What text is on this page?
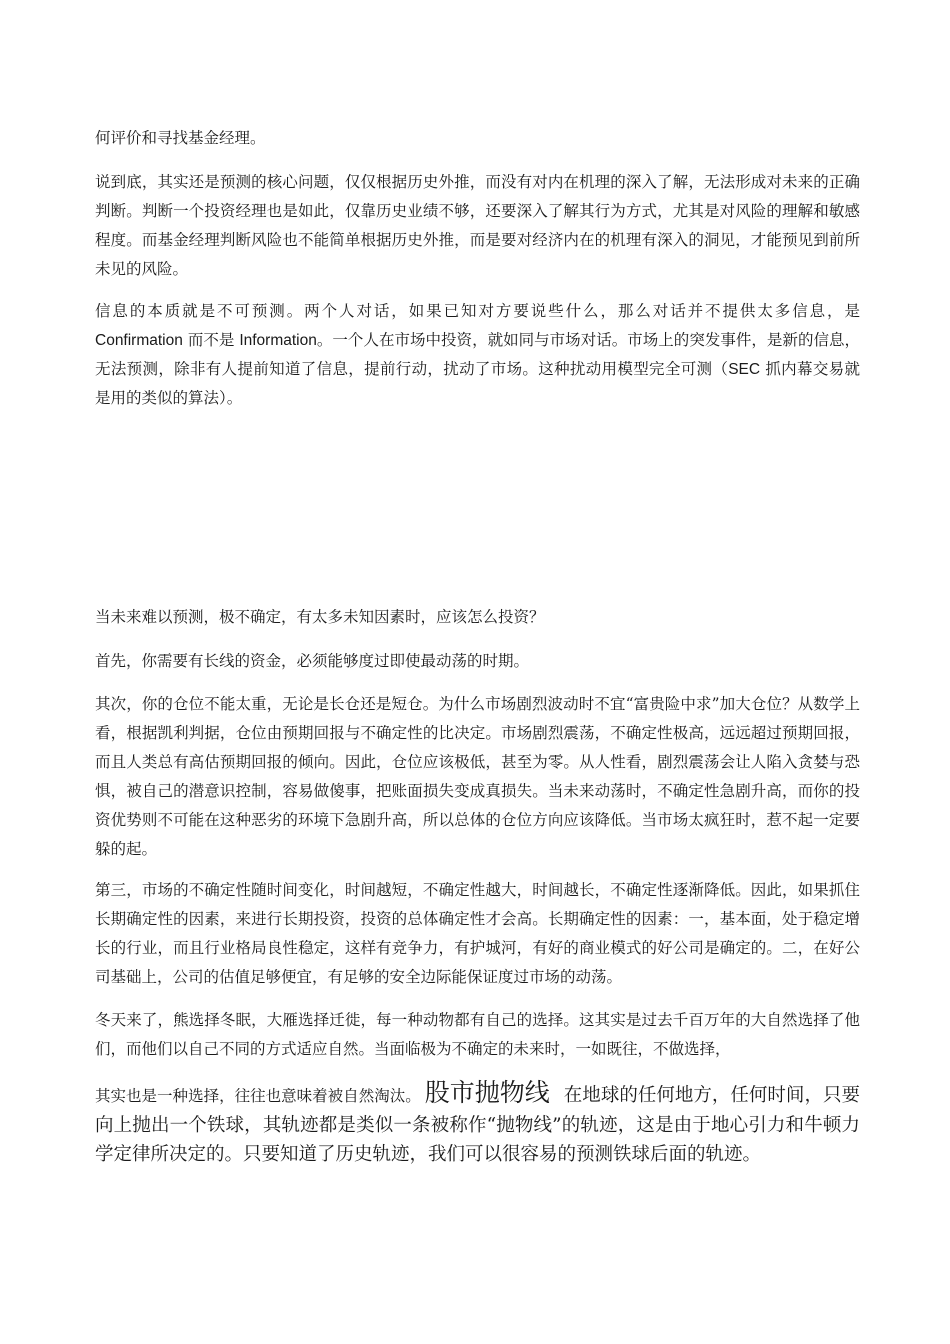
何评价和寻找基金经理。

说到底，其实还是预测的核心问题，仅仅根据历史外推，而没有对内在机理的深入了解，无法形成对未来的正确判断。判断一个投资经理也是如此，仅靠历史业绩不够，还要深入了解其行为方式，尤其是对风险的理解和敏感程度。而基金经理判断风险也不能简单根据历史外推，而是要对经济内在的机理有深入的洞见，才能预见到前所未见的风险。

信息的本质就是不可预测。两个人对话，如果已知对方要说些什么，那么对话并不提供太多信息，是Confirmation 而不是 Information。一个人在市场中投资，就如同与市场对话。市场上的突发事件，是新的信息，无法预测，除非有人提前知道了信息，提前行动，扰动了市场。这种扰动用模型完全可测（SEC 抓内幕交易就是用的类似的算法）。

当未来难以预测，极不确定，有太多未知因素时，应该怎么投资？

首先，你需要有长线的资金，必须能够度过即使最动荡的时期。

其次，你的仓位不能太重，无论是长仓还是短仓。为什么市场剧烈波动时不宜“富贵险中求”加大仓位？从数学上看，根据凯利判据，仓位由预期回报与不确定性的比决定。市场剧烈震荡，不确定性极高，远远超过预期回报，而且人类总有高估预期回报的倾向。因此，仓位应该极低，甚至为零。从人性看，剧烈震荡会让人陷入贪婪与恐惧，被自己的潜意识控制，容易做傻事，把账面损失变成真损失。当未来动荡时，不确定性急剧升高，而你的投资优势则不可能在这种恶劣的环境下急剧升高，所以总体的仓位方向应该降低。当市场太疯狂时，惹不起一定要躲的起。

第三，市场的不确定性随时间变化，时间越短，不确定性越大，时间越长，不确定性逐渐降低。因此，如果抓住长期确定性的因素，来进行长期投资，投资的总体确定性才会高。长期确定性的因素：一，基本面，处于稳定增长的行业，而且行业格局良性稳定，这样有竞争力，有护城河，有好的商业模式的好公司是确定的。二，在好公司基础上，公司的估值足够便宜，有足够的安全边际能保证度过市场的动荡。

冬天来了，熊选择冬眠，大雁选择迁徙，每一种动物都有自己的选择。这其实是过去千百万年的大自然选择了他们，而他们以自己不同的方式适应自然。当面临极为不确定的未来时，一如既往，不做选择，

其实也是一种选择，往往也意味着被自然淘汰。 股市抛物线 在地球的任何地方，任何时间，只要向上抛出一个铁球，其轨迹都是类似一条被称作“抛物线”的轨迹，这是由于地心引力和牛顿力学定律所决定的。只要知道了历史轨迹，我们可以很容易的预测铁球后面的轨迹。
